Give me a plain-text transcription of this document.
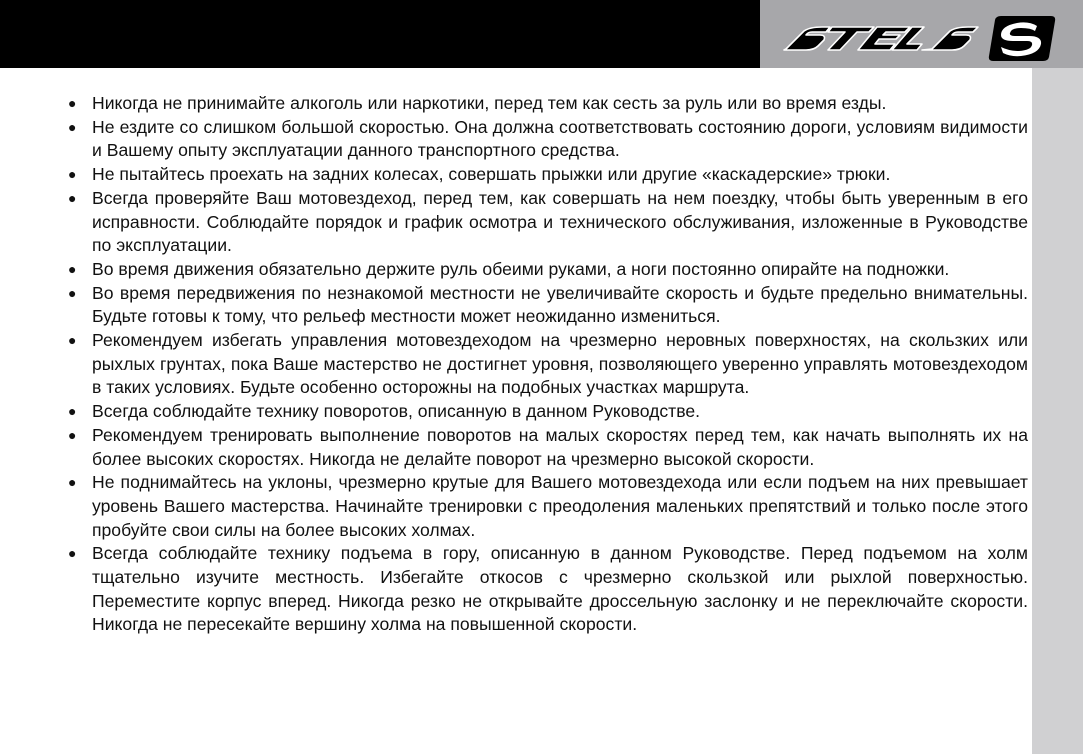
● Никогда не принимайте алкоголь или наркотики, перед тем как сесть за руль или во время езды.
● Не ездите со слишком большой скоростью. Она должна соответствовать состоянию дороги, условиям видимости и Вашему опыту эксплуатации данного транспортного средства.
● Не пытайтесь проехать на задних колесах, совершать прыжки или другие «каскадерские» трюки.
● Всегда проверяйте Ваш мотовездеход, перед тем, как совершать на нем поездку, чтобы быть уверенным в его исправности. Соблюдайте порядок и график осмотра и технического обслуживания, изложенные в Руководстве по эксплуатации.
● Во время движения обязательно держите руль обеими руками, а ноги постоянно опирайте на подножки.
● Во время передвижения по незнакомой местности не увеличивайте скорость и будьте предельно внимательны. Будьте готовы к тому, что рельеф местности может неожиданно измениться.
● Рекомендуем избегать управления мотовездеходом на чрезмерно неровных поверхностях, на скользких или рыхлых грунтах, пока Ваше мастерство не достигнет уровня, позволяющего уверенно управлять мотовездеходом в таких условиях. Будьте особенно осторожны на подобных участках маршрута.
● Всегда соблюдайте технику поворотов, описанную в данном Руководстве.
● Рекомендуем тренировать выполнение поворотов на малых скоростях перед тем, как начать выполнять их на более высоких скоростях. Никогда не делайте поворот на чрезмерно высокой скорости.
● Не поднимайтесь на уклоны, чрезмерно крутые для Вашего мотовездехода или если подъем на них превышает уровень Вашего мастерства. Начинайте тренировки с преодоления маленьких препятствий и только после этого пробуйте свои силы на более высоких холмах.
● Всегда соблюдайте технику подъема в гору, описанную в данном Руководстве. Перед подъемом на холм тщательно изучите местность. Избегайте откосов с чрезмерно скользкой или рыхлой поверхностью. Переместите корпус вперед. Никогда резко не открывайте дроссельную заслонку и не переключайте скорости. Никогда не пересекайте вершину холма на повышенной скорости.
